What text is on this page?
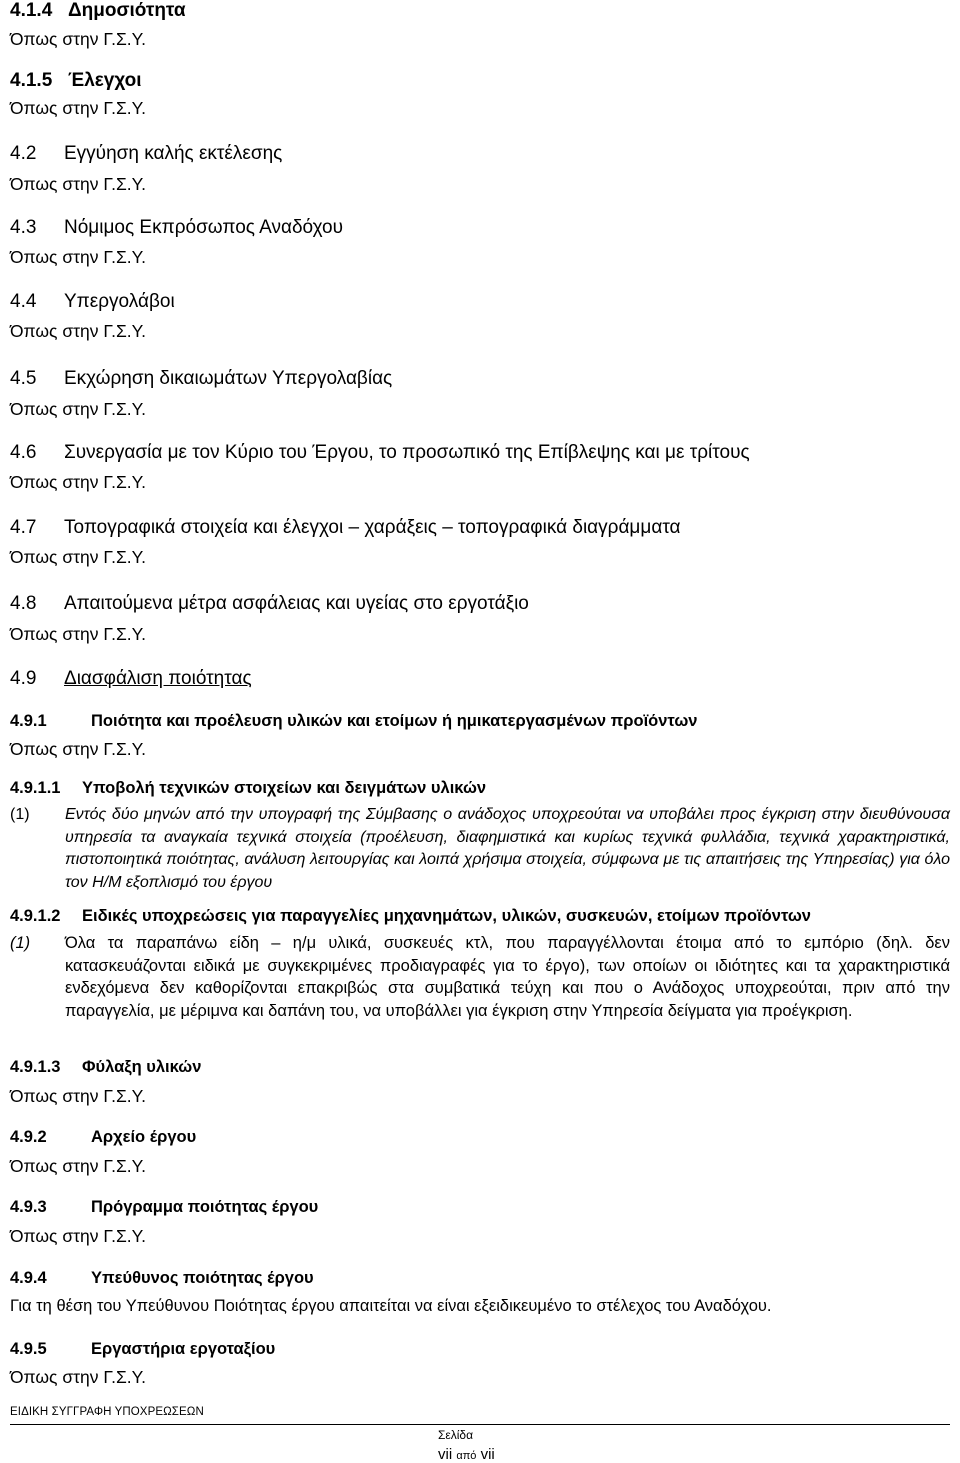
4.1.4 Δημοσιότητα
Όπως στην Γ.Σ.Υ.
4.1.5 Έλεγχοι
Όπως στην Γ.Σ.Υ.
4.2 Εγγύηση καλής εκτέλεσης
Όπως στην Γ.Σ.Υ.
4.3 Νόμιμος Εκπρόσωπος Αναδόχου
Όπως στην Γ.Σ.Υ.
4.4 Υπεργολάβοι
Όπως στην Γ.Σ.Υ.
4.5 Εκχώρηση δικαιωμάτων Υπεργολαβίας
Όπως στην Γ.Σ.Υ.
4.6 Συνεργασία με τον Κύριο του Έργου, το προσωπικό της Επίβλεψης και με τρίτους
Όπως στην Γ.Σ.Υ.
4.7 Τοπογραφικά στοιχεία και έλεγχοι – χαράξεις – τοπογραφικά διαγράμματα
Όπως στην Γ.Σ.Υ.
4.8 Απαιτούμενα μέτρα ασφάλειας και υγείας στο εργοτάξιο
Όπως στην Γ.Σ.Υ.
4.9 Διασφάλιση ποιότητας
4.9.1	Ποιότητα και προέλευση υλικών και ετοίμων ή ημικατεργασμένων προϊόντων
Όπως στην Γ.Σ.Υ.
4.9.1.1 Υποβολή τεχνικών στοιχείων και δειγμάτων υλικών
(1) Εντός δύο μηνών από την υπογραφή της Σύμβασης ο ανάδοχος υποχρεούται να υποβάλει προς έγκριση στην διευθύνουσα υπηρεσία τα αναγκαία τεχνικά στοιχεία (προέλευση, διαφημιστικά και κυρίως τεχνικά φυλλάδια, τεχνικά χαρακτηριστικά, πιστοποιητικά ποιότητας, ανάλυση λειτουργίας και λοιπά χρήσιμα στοιχεία, σύμφωνα με τις απαιτήσεις της Υπηρεσίας) για όλο τον Η/Μ εξοπλισμό του έργου
4.9.1.2 Ειδικές υποχρεώσεις για παραγγελίες μηχανημάτων, υλικών, συσκευών, ετοίμων προϊόντων
(1) Όλα τα παραπάνω είδη – η/μ υλικά, συσκευές κτλ, που παραγγέλλονται έτοιμα από το εμπόριο (δηλ. δεν κατασκευάζονται ειδικά με συγκεκριμένες προδιαγραφές για το έργο), των οποίων οι ιδιότητες και τα χαρακτηριστικά ενδεχόμενα δεν καθορίζονται επακριβώς στα συμβατικά τεύχη και που ο Ανάδοχος υποχρεούται, πριν από την παραγγελία, με μέριμνα και δαπάνη του, να υποβάλλει για έγκριση στην Υπηρεσία δείγματα για προέγκριση.
4.9.1.3 Φύλαξη υλικών
Όπως στην Γ.Σ.Υ.
4.9.2	Αρχείο έργου
Όπως στην Γ.Σ.Υ.
4.9.3	Πρόγραμμα ποιότητας έργου
Όπως στην Γ.Σ.Υ.
4.9.4	Υπεύθυνος ποιότητας έργου
Για τη θέση του Υπεύθυνου Ποιότητας έργου απαιτείται να είναι εξειδικευμένο το στέλεχος του Αναδόχου.
4.9.5	Εργαστήρια εργοταξίου
Όπως στην Γ.Σ.Υ.
ΕΙΔΙΚΗ ΣΥΓΓΡΑΦΗ ΥΠΟΧΡΕΩΣΕΩΝ
Σελίδα
vii από vii
